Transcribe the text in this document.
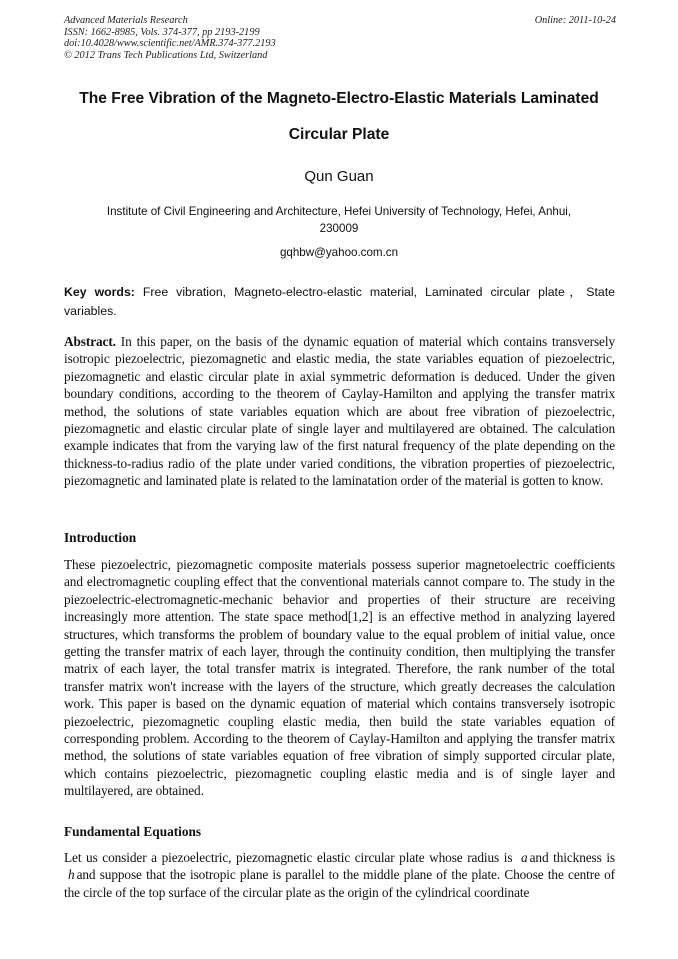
Advanced Materials Research
ISSN: 1662-8985, Vols. 374-377, pp 2193-2199
doi:10.4028/www.scientific.net/AMR.374-377.2193
© 2012 Trans Tech Publications Ltd, Switzerland
Online: 2011-10-24
The Free Vibration of the Magneto-Electro-Elastic Materials Laminated
Circular Plate
Qun Guan
Institute of Civil Engineering and Architecture, Hefei University of Technology, Hefei, Anhui,
230009
gqhbw@yahoo.com.cn
Key words: Free vibration, Magneto-electro-elastic material, Laminated circular plate，State variables.
Abstract. In this paper, on the basis of the dynamic equation of material which contains transversely isotropic piezoelectric, piezomagnetic and elastic media, the state variables equation of piezoelectric, piezomagnetic and elastic circular plate in axial symmetric deformation is deduced. Under the given boundary conditions, according to the theorem of Caylay-Hamilton and applying the transfer matrix method, the solutions of state variables equation which are about free vibration of piezoelectric, piezomagnetic and elastic circular plate of single layer and multilayered are obtained. The calculation example indicates that from the varying law of the first natural frequency of the plate depending on the thickness-to-radius radio of the plate under varied conditions, the vibration properties of piezoelectric, piezomagnetic and laminated plate is related to the laminatation order of the material is gotten to know.
Introduction
These piezoelectric, piezomagnetic composite materials possess superior magnetoelectric coefficients and electromagnetic coupling effect that the conventional materials cannot compare to. The study in the piezoelectric-electromagnetic-mechanic behavior and properties of their structure are receiving increasingly more attention. The state space method[1,2] is an effective method in analyzing layered structures, which transforms the problem of boundary value to the equal problem of initial value, once getting the transfer matrix of each layer, through the continuity condition, then multiplying the transfer matrix of each layer, the total transfer matrix is integrated. Therefore, the rank number of the total transfer matrix won't increase with the layers of the structure, which greatly decreases the calculation work. This paper is based on the dynamic equation of material which contains transversely isotropic piezoelectric, piezomagnetic coupling elastic media, then build the state variables equation of corresponding problem. According to the theorem of Caylay-Hamilton and applying the transfer matrix method, the solutions of state variables equation of free vibration of simply supported circular plate, which contains piezoelectric, piezomagnetic coupling elastic media and is of single layer and multilayered, are obtained.
Fundamental Equations
Let us consider a piezoelectric, piezomagnetic elastic circular plate whose radius is a and thickness is h and suppose that the isotropic plane is parallel to the middle plane of the plate. Choose the centre of the circle of the top surface of the circular plate as the origin of the cylindrical coordinate
